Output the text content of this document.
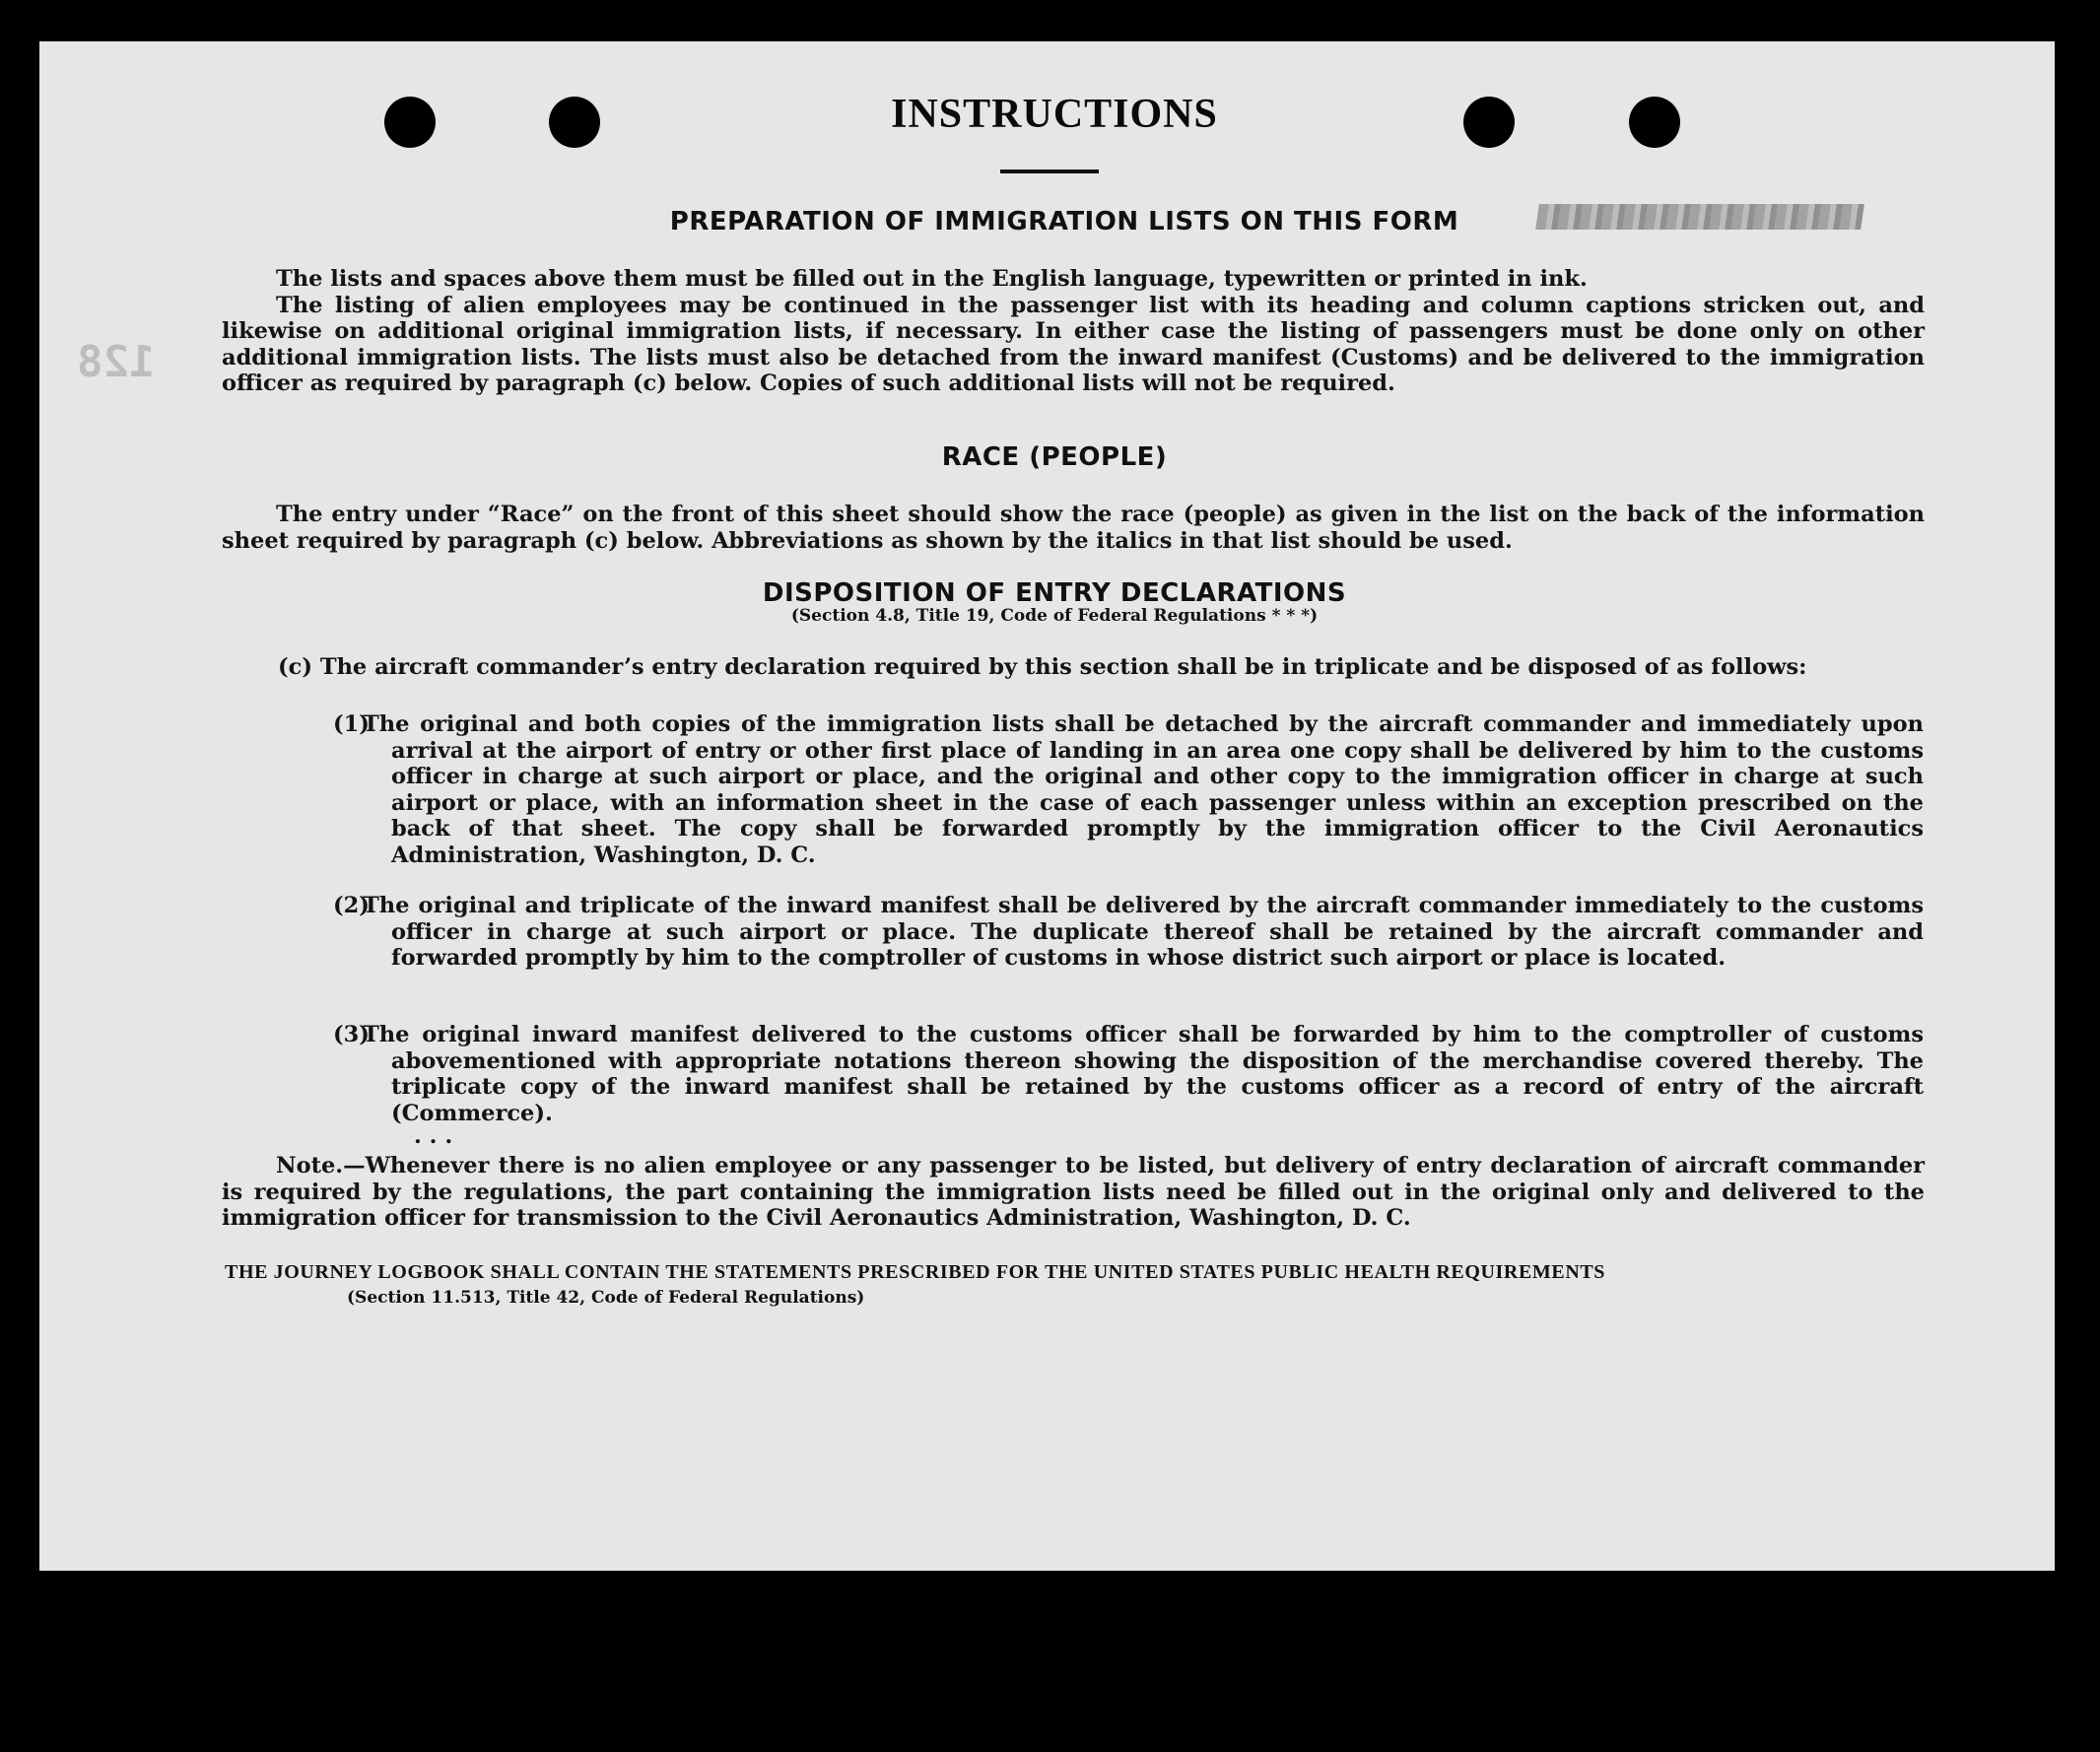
128
INSTRUCTIONS
PREPARATION OF IMMIGRATION LISTS ON THIS FORM

The lists and spaces above them must be filled out in the English language, typewritten or printed in ink.

The listing of alien employees may be continued in the passenger list with its heading and column captions stricken out, and likewise on additional original immigration lists, if necessary. In either case the listing of passengers must be done only on other additional immigration lists. The lists must also be detached from the inward manifest (Customs) and be delivered to the immigration officer as required by paragraph (c) below. Copies of such additional lists will not be required.

RACE (PEOPLE)

The entry under “Race” on the front of this sheet should show the race (people) as given in the list on the back of the information sheet required by paragraph (c) below. Abbreviations as shown by the italics in that list should be used.

DISPOSITION OF ENTRY DECLARATIONS
(Section 4.8, Title 19, Code of Federal Regulations * * *)
(c) The aircraft commander’s entry declaration required by this section shall be in triplicate and be disposed of as follows:
(1)
The original and both copies of the immigration lists shall be detached by the aircraft commander and immediately upon arrival at the airport of entry or other first place of landing in an area one copy shall be delivered by him to the customs officer in charge at such airport or place, and the original and other copy to the immigration officer in charge at such airport or place, with an information sheet in the case of each passenger unless within an exception prescribed on the back of that sheet. The copy shall be forwarded promptly by the immigration officer to the Civil Aeronautics Administration, Washington, D. C.
(2)
The original and triplicate of the inward manifest shall be delivered by the aircraft commander immediately to the customs officer in charge at such airport or place. The duplicate thereof shall be retained by the aircraft commander and forwarded promptly by him to the comptroller of customs in whose district such airport or place is located.
(3)
The original inward manifest delivered to the customs officer shall be forwarded by him to the comptroller of customs abovementioned with appropriate notations thereon showing the disposition of the merchandise covered thereby. The triplicate copy of the inward manifest shall be retained by the customs officer as a record of entry of the aircraft (Commerce).
. . .

Note.—Whenever there is no alien employee or any passenger to be listed, but delivery of entry declaration of aircraft commander is required by the regulations, the part containing the immigration lists need be filled out in the original only and delivered to the immigration officer for transmission to the Civil Aeronautics Administration, Washington, D. C.

THE JOURNEY LOGBOOK SHALL CONTAIN THE STATEMENTS PRESCRIBED FOR THE UNITED STATES PUBLIC HEALTH REQUIREMENTS
(Section 11.513, Title 42, Code of Federal Regulations)
